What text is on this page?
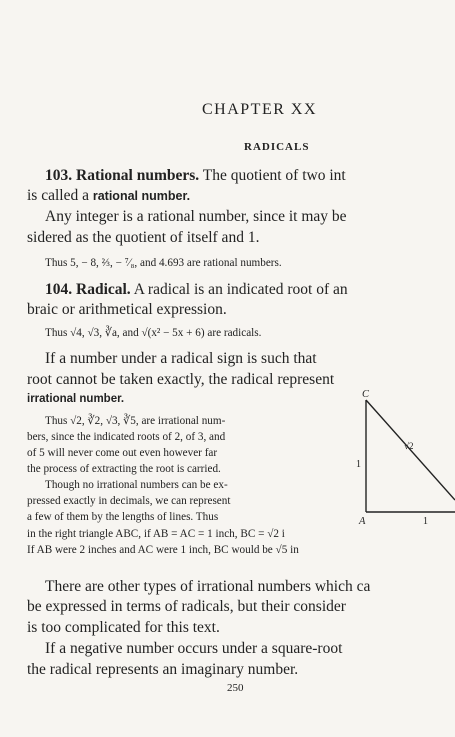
CHAPTER XX
RADICALS
103. Rational numbers. The quotient of two int
is called a rational number.
Any integer is a rational number, since it may be
sidered as the quotient of itself and 1.
Thus 5, − 8, ⅔, − ⁷⁄₈, and 4.693 are rational numbers.
104. Radical. A radical is an indicated root of an
braic or arithmetical expression.
Thus √4, √3, ∛a, and √(x² − 5x + 6) are radicals.
If a number under a radical sign is such that
root cannot be taken exactly, the radical represent
irrational number.
Thus √2, ∛2, √3, ∛5, are irrational num-
bers, since the indicated roots of 2, of 3, and
of 5 will never come out even however far
the process of extracting the root is carried.
Though no irrational numbers can be ex-
pressed exactly in decimals, we can represent
a few of them by the lengths of lines. Thus
in the right triangle ABC, if AB = AC = 1 inch, BC = √2 i
If AB were 2 inches and AC were 1 inch, BC would be √5 in
C
A
1
1
√2
There are other types of irrational numbers which ca
be expressed in terms of radicals, but their consider
is too complicated for this text.
If a negative number occurs under a square-root
the radical represents an imaginary number.
250
